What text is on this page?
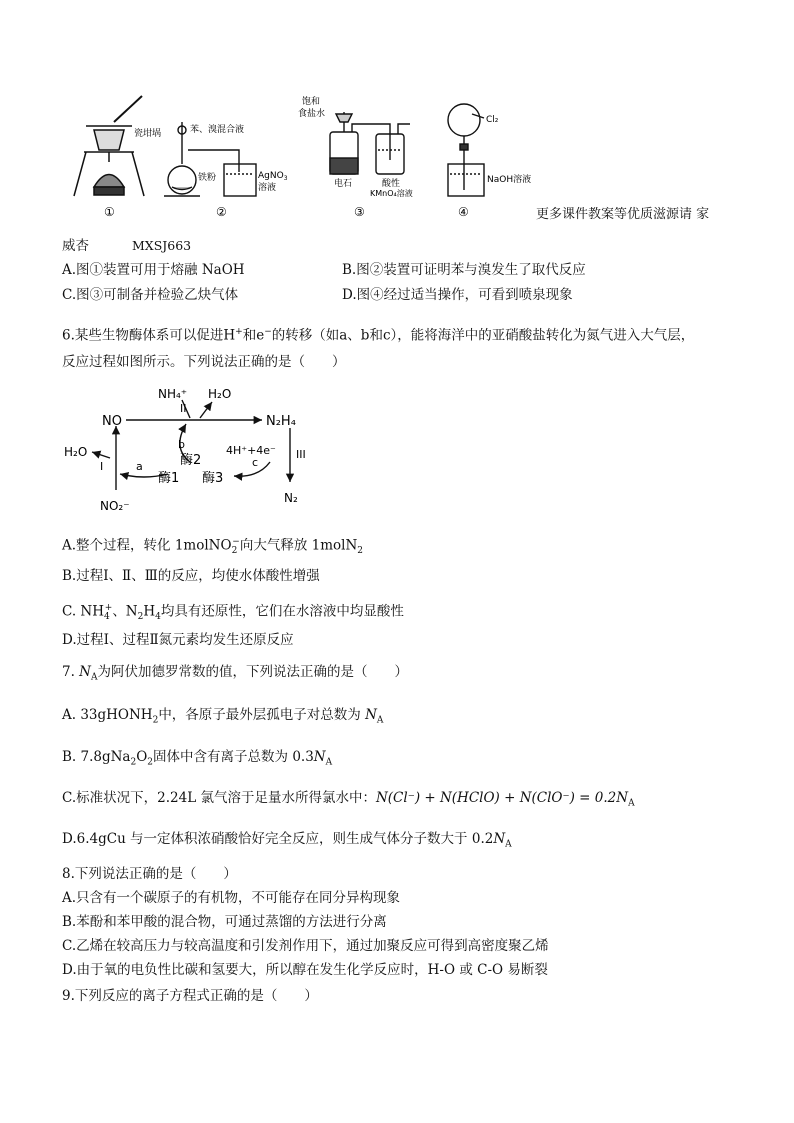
瓷坩埚	苯、溴混合液
铁粉	AgNO$_3$
溶液
饱和
食盐水
电石	酸性
KMnO₄溶液
Cl₂
NaOH溶液
①	②	③	④	更多课件教案等优质滋源请 家
威杏	MXSJ663
A.图①装置可用于熔融 NaOH	B.图②装置可证明苯与溴发生了取代反应
C.图③可制备并检验乙炔气体	D.图④经过适当操作，可看到喷泉现象
6.某些生物酶体系可以促进H+和e−的转移（如a、b和c），能将海洋中的亚硝酸盐转化为氮气进入大气层，
反应过程如图所示。下列说法正确的是（　　）
NO	N₂H₄
NH₄⁺ H₂O
H₂O
NO₂⁻
N₂
I
II
III
a
b
c
酶1
酶2
酶3
4H⁺+4e⁻
A.整个过程，转化 1molNO$_2$−向大气释放 1molN$_2$
B.过程Ⅰ、Ⅱ、Ⅲ的反应，均使水体酸性增强
C. $NH_4^+$、$N_2H_4$均具有还原性，它们在水溶液中均显酸性
D.过程Ⅰ、过程Ⅱ氮元素均发生还原反应
7. $N_A$为阿伏加德罗常数的值，下列说法正确的是（　　）
A. 33gHONH$_2$中，各原子最外层孤电子对总数为 $N_A$
B. $7.8gNa_2O_2$固体中含有离子总数为 $0.3N_A$
C.标准状况下，2.24L 氯气溶于足量水所得氯水中：N(Cl⁻) + N(HClO) + $N(ClO^-) = 0.2N_A$
D.6.4gCu 与一定体积浓硝酸恰好完全反应，则生成气体分子数大于 $0.2N_A$
8.下列说法正确的是（　　）
A.只含有一个碳原子的有机物，不可能存在同分异构现象
B.苯酚和苯甲酸的混合物，可通过蒸馏的方法进行分离
C.乙烯在较高压力与较高温度和引发剂作用下，通过加聚反应可得到高密度聚乙烯
D.由于氧的电负性比碳和氢要大，所以醇在发生化学反应时，H-O 或 C-O 易断裂
9.下列反应的离子方程式正确的是（　　）
